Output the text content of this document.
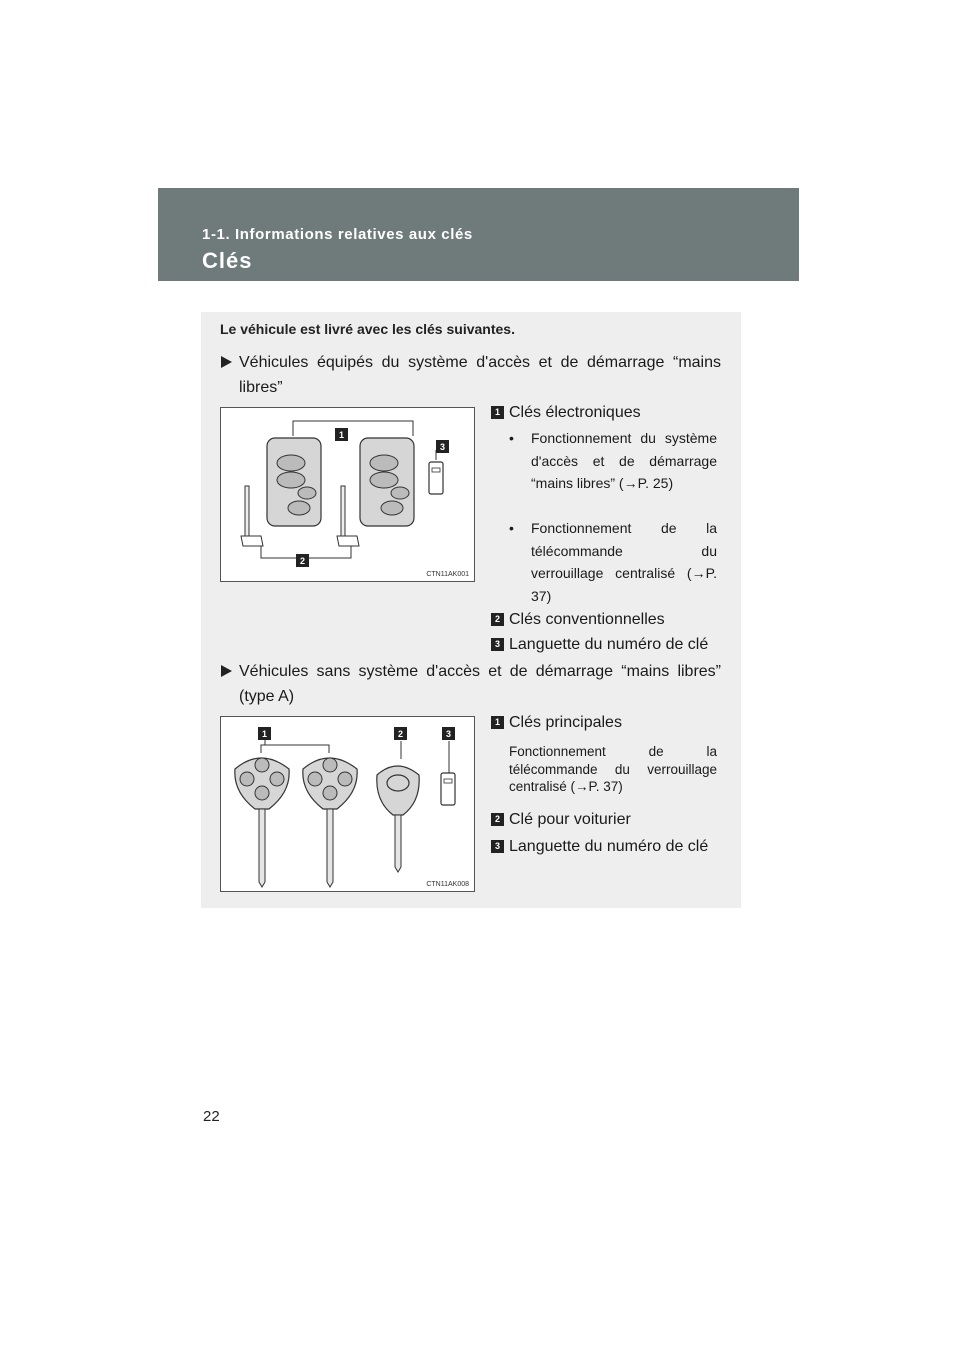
1-1. Informations relatives aux clés
Clés
Le véhicule est livré avec les clés suivantes.
Véhicules équipés du système d'accès et de démarrage “mains libres”
1
3
2
CTN11AK001
1 Clés électroniques
•	Fonctionnement du système d'accès et de démarrage “mains libres” (→P. 25)
•	Fonctionnement de la télécommande du verrouillage centralisé (→P. 37)
2 Clés conventionnelles
3 Languette du numéro de clé
Véhicules sans système d'accès et de démarrage “mains libres” (type A)
1	2	3
CTN11AK008
1 Clés principales
Fonctionnement de la télécommande du verrouillage centralisé (→P. 37)
2 Clé pour voiturier
3 Languette du numéro de clé
22
